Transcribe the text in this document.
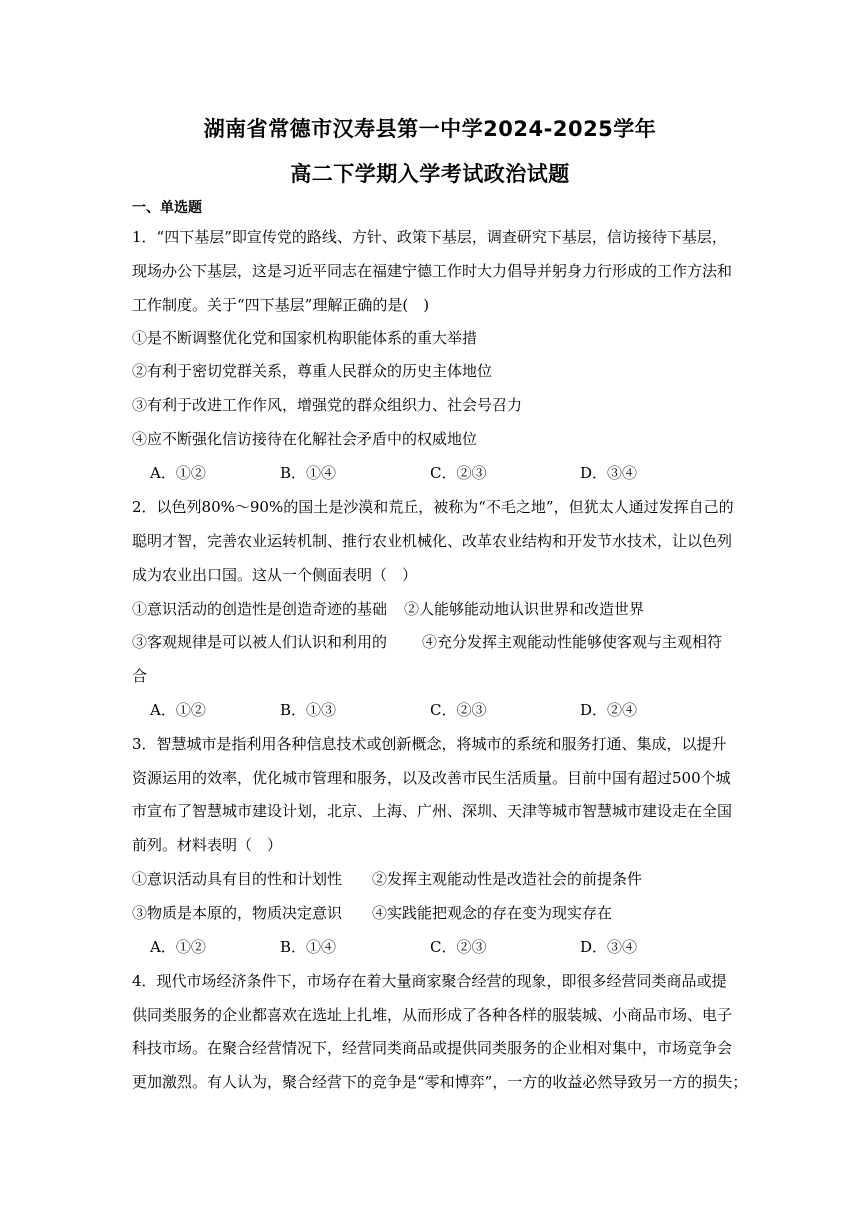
湖南省常德市汉寿县第一中学2024-2025学年
高二下学期入学考试政治试题
一、单选题
1．“四下基层”即宣传党的路线、方针、政策下基层，调查研究下基层，信访接待下基层，
现场办公下基层，这是习近平同志在福建宁德工作时大力倡导并躬身力行形成的工作方法和
工作制度。关于“四下基层”理解正确的是(　)
①是不断调整优化党和国家机构职能体系的重大举措
②有利于密切党群关系，尊重人民群众的历史主体地位
③有利于改进工作作风，增强党的群众组织力、社会号召力
④应不断强化信访接待在化解社会矛盾中的权威地位
A．①②	B．①④	C．②③	D．③④
2．以色列80%～90%的国土是沙漠和荒丘，被称为“不毛之地”，但犹太人通过发挥自己的
聪明才智，完善农业运转机制、推行农业机械化、改革农业结构和开发节水技术，让以色列
成为农业出口国。这从一个侧面表明（　）
①意识活动的创造性是创造奇迹的基础 ②人能够能动地认识世界和改造世界
③客观规律是可以被人们认识和利用的 ④充分发挥主观能动性能够使客观与主观相符
合
A．①②	B．①③	C．②③	D．②④
3．智慧城市是指利用各种信息技术或创新概念，将城市的系统和服务打通、集成，以提升
资源运用的效率，优化城市管理和服务，以及改善市民生活质量。目前中国有超过500个城
市宣布了智慧城市建设计划，北京、上海、广州、深圳、天津等城市智慧城市建设走在全国
前列。材料表明（　）
①意识活动具有目的性和计划性 ②发挥主观能动性是改造社会的前提条件
③物质是本原的，物质决定意识 ④实践能把观念的存在变为现实存在
A．①②	B．①④	C．②③	D．③④
4．现代市场经济条件下，市场存在着大量商家聚合经营的现象，即很多经营同类商品或提
供同类服务的企业都喜欢在选址上扎堆，从而形成了各种各样的服装城、小商品市场、电子
科技市场。在聚合经营情况下，经营同类商品或提供同类服务的企业相对集中，市场竞争会
更加激烈。有人认为，聚合经营下的竞争是“零和博弈”，一方的收益必然导致另一方的损失；
